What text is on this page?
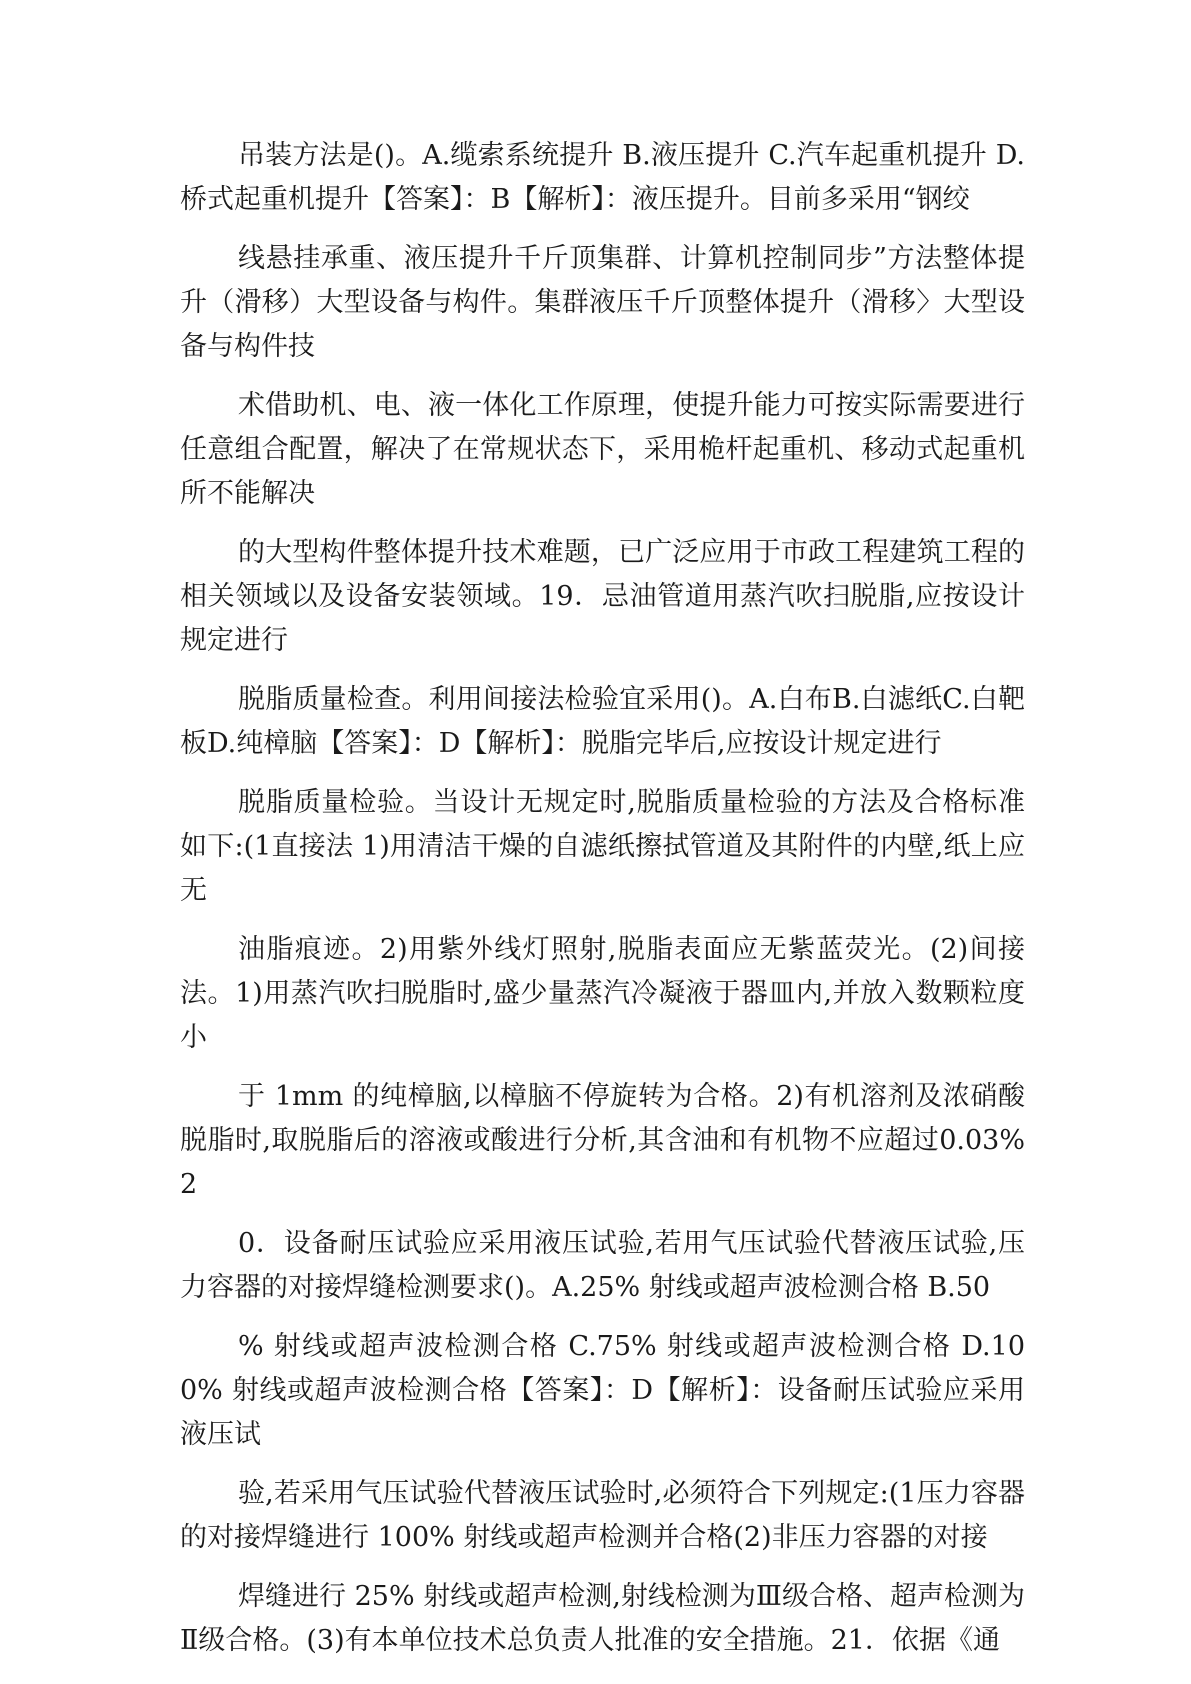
吊装方法是()。A.缆索系统提升 B.液压提升 C.汽车起重机提升 D.桥式起重机提升【答案】：B【解析】：液压提升。目前多采用“钢绞

线悬挂承重、液压提升千斤顶集群、计算机控制同步”方法整体提升（滑移）大型设备与构件。集群液压千斤顶整体提升（滑移〉大型设备与构件技

术借助机、电、液一体化工作原理，使提升能力可按实际需要进行任意组合配置，解决了在常规状态下，采用桅杆起重机、移动式起重机所不能解决

的大型构件整体提升技术难题，已广泛应用于市政工程建筑工程的相关领域以及设备安装领域。19．忌油管道用蒸汽吹扫脱脂,应按设计规定进行

脱脂质量检查。利用间接法检验宜采用()。A.白布B.白滤纸C.白靶板D.纯樟脑【答案】：D【解析】：脱脂完毕后,应按设计规定进行

脱脂质量检验。当设计无规定时,脱脂质量检验的方法及合格标准如下:(1直接法 1)用清洁干燥的自滤纸擦拭管道及其附件的内壁,纸上应无

油脂痕迹。2)用紫外线灯照射,脱脂表面应无紫蓝荧光。(2)间接法。1)用蒸汽吹扫脱脂时,盛少量蒸汽冷凝液于器皿内,并放入数颗粒度小

于 1mm 的纯樟脑,以樟脑不停旋转为合格。2)有机溶剂及浓硝酸脱脂时,取脱脂后的溶液或酸进行分析,其含油和有机物不应超过0.03%2

0．设备耐压试验应采用液压试验,若用气压试验代替液压试验,压力容器的对接焊缝检测要求()。A.25% 射线或超声波检测合格 B.50

% 射线或超声波检测合格 C.75% 射线或超声波检测合格 D.100% 射线或超声波检测合格【答案】：D【解析】：设备耐压试验应采用液压试

验,若采用气压试验代替液压试验时,必须符合下列规定:(1压力容器的对接焊缝进行 100% 射线或超声检测并合格(2)非压力容器的对接

焊缝进行 25% 射线或超声检测,射线检测为Ⅲ级合格、超声检测为Ⅱ级合格。(3)有本单位技术总负责人批准的安全措施。21．依据《通
